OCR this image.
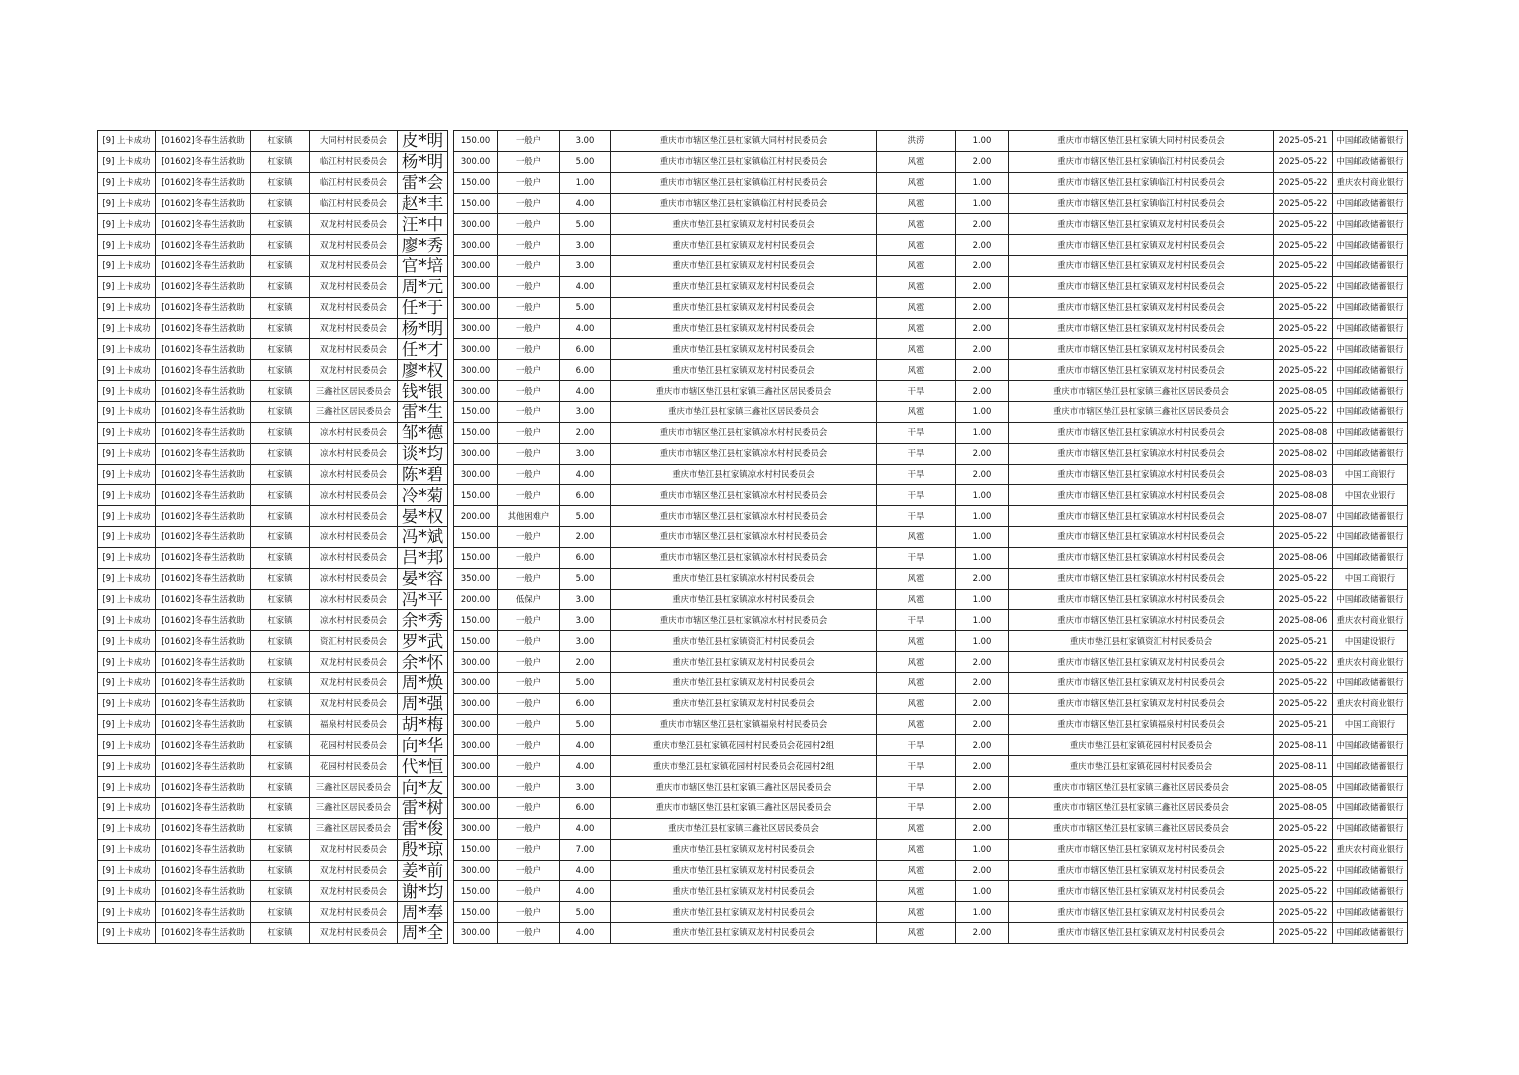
[9] 上卡成功	[01602]冬春生活救助	杠家镇	大同村村民委员会	皮*明		150.00	一般户	3.00	重庆市市辖区垫江县杠家镇大同村村民委员会	洪涝	1.00	重庆市市辖区垫江县杠家镇大同村村民委员会	2025-05-21	中国邮政储蓄银行
[9] 上卡成功	[01602]冬春生活救助	杠家镇	临江村村民委员会	杨*明		300.00	一般户	5.00	重庆市市辖区垫江县杠家镇临江村村民委员会	风雹	2.00	重庆市市辖区垫江县杠家镇临江村村民委员会	2025-05-22	中国邮政储蓄银行
[9] 上卡成功	[01602]冬春生活救助	杠家镇	临江村村民委员会	雷*会		150.00	一般户	1.00	重庆市市辖区垫江县杠家镇临江村村民委员会	风雹	1.00	重庆市市辖区垫江县杠家镇临江村村民委员会	2025-05-22	重庆农村商业银行
[9] 上卡成功	[01602]冬春生活救助	杠家镇	临江村村民委员会	赵*丰		150.00	一般户	4.00	重庆市市辖区垫江县杠家镇临江村村民委员会	风雹	1.00	重庆市市辖区垫江县杠家镇临江村村民委员会	2025-05-22	中国邮政储蓄银行
[9] 上卡成功	[01602]冬春生活救助	杠家镇	双龙村村民委员会	汪*中		300.00	一般户	5.00	重庆市垫江县杠家镇双龙村村民委员会	风雹	2.00	重庆市市辖区垫江县杠家镇双龙村村民委员会	2025-05-22	中国邮政储蓄银行
[9] 上卡成功	[01602]冬春生活救助	杠家镇	双龙村村民委员会	廖*秀		300.00	一般户	3.00	重庆市垫江县杠家镇双龙村村民委员会	风雹	2.00	重庆市市辖区垫江县杠家镇双龙村村民委员会	2025-05-22	中国邮政储蓄银行
[9] 上卡成功	[01602]冬春生活救助	杠家镇	双龙村村民委员会	官*培		300.00	一般户	3.00	重庆市垫江县杠家镇双龙村村民委员会	风雹	2.00	重庆市市辖区垫江县杠家镇双龙村村民委员会	2025-05-22	中国邮政储蓄银行
[9] 上卡成功	[01602]冬春生活救助	杠家镇	双龙村村民委员会	周*元		300.00	一般户	4.00	重庆市垫江县杠家镇双龙村村民委员会	风雹	2.00	重庆市市辖区垫江县杠家镇双龙村村民委员会	2025-05-22	中国邮政储蓄银行
[9] 上卡成功	[01602]冬春生活救助	杠家镇	双龙村村民委员会	任*于		300.00	一般户	5.00	重庆市垫江县杠家镇双龙村村民委员会	风雹	2.00	重庆市市辖区垫江县杠家镇双龙村村民委员会	2025-05-22	中国邮政储蓄银行
[9] 上卡成功	[01602]冬春生活救助	杠家镇	双龙村村民委员会	杨*明		300.00	一般户	4.00	重庆市垫江县杠家镇双龙村村民委员会	风雹	2.00	重庆市市辖区垫江县杠家镇双龙村村民委员会	2025-05-22	中国邮政储蓄银行
[9] 上卡成功	[01602]冬春生活救助	杠家镇	双龙村村民委员会	任*才		300.00	一般户	6.00	重庆市垫江县杠家镇双龙村村民委员会	风雹	2.00	重庆市市辖区垫江县杠家镇双龙村村民委员会	2025-05-22	中国邮政储蓄银行
[9] 上卡成功	[01602]冬春生活救助	杠家镇	双龙村村民委员会	廖*权		300.00	一般户	6.00	重庆市垫江县杠家镇双龙村村民委员会	风雹	2.00	重庆市市辖区垫江县杠家镇双龙村村民委员会	2025-05-22	中国邮政储蓄银行
[9] 上卡成功	[01602]冬春生活救助	杠家镇	三鑫社区居民委员会	钱*银		300.00	一般户	4.00	重庆市市辖区垫江县杠家镇三鑫社区居民委员会	干旱	2.00	重庆市市辖区垫江县杠家镇三鑫社区居民委员会	2025-08-05	中国邮政储蓄银行
[9] 上卡成功	[01602]冬春生活救助	杠家镇	三鑫社区居民委员会	雷*生		150.00	一般户	3.00	重庆市垫江县杠家镇三鑫社区居民委员会	风雹	1.00	重庆市市辖区垫江县杠家镇三鑫社区居民委员会	2025-05-22	中国邮政储蓄银行
[9] 上卡成功	[01602]冬春生活救助	杠家镇	凉水村村民委员会	邹*德		150.00	一般户	2.00	重庆市市辖区垫江县杠家镇凉水村村民委员会	干旱	1.00	重庆市市辖区垫江县杠家镇凉水村村民委员会	2025-08-08	中国邮政储蓄银行
[9] 上卡成功	[01602]冬春生活救助	杠家镇	凉水村村民委员会	谈*均		300.00	一般户	3.00	重庆市市辖区垫江县杠家镇凉水村村民委员会	干旱	2.00	重庆市市辖区垫江县杠家镇凉水村村民委员会	2025-08-02	中国邮政储蓄银行
[9] 上卡成功	[01602]冬春生活救助	杠家镇	凉水村村民委员会	陈*碧		300.00	一般户	4.00	重庆市垫江县杠家镇凉水村村民委员会	干旱	2.00	重庆市市辖区垫江县杠家镇凉水村村民委员会	2025-08-03	中国工商银行
[9] 上卡成功	[01602]冬春生活救助	杠家镇	凉水村村民委员会	冷*菊		150.00	一般户	6.00	重庆市市辖区垫江县杠家镇凉水村村民委员会	干旱	1.00	重庆市市辖区垫江县杠家镇凉水村村民委员会	2025-08-08	中国农业银行
[9] 上卡成功	[01602]冬春生活救助	杠家镇	凉水村村民委员会	晏*权		200.00	其他困难户	5.00	重庆市市辖区垫江县杠家镇凉水村村民委员会	干旱	1.00	重庆市市辖区垫江县杠家镇凉水村村民委员会	2025-08-07	中国邮政储蓄银行
[9] 上卡成功	[01602]冬春生活救助	杠家镇	凉水村村民委员会	冯*斌		150.00	一般户	2.00	重庆市市辖区垫江县杠家镇凉水村村民委员会	风雹	1.00	重庆市市辖区垫江县杠家镇凉水村村民委员会	2025-05-22	中国邮政储蓄银行
[9] 上卡成功	[01602]冬春生活救助	杠家镇	凉水村村民委员会	吕*邦		150.00	一般户	6.00	重庆市市辖区垫江县杠家镇凉水村村民委员会	干旱	1.00	重庆市市辖区垫江县杠家镇凉水村村民委员会	2025-08-06	中国邮政储蓄银行
[9] 上卡成功	[01602]冬春生活救助	杠家镇	凉水村村民委员会	晏*容		350.00	一般户	5.00	重庆市垫江县杠家镇凉水村村民委员会	风雹	2.00	重庆市市辖区垫江县杠家镇凉水村村民委员会	2025-05-22	中国工商银行
[9] 上卡成功	[01602]冬春生活救助	杠家镇	凉水村村民委员会	冯*平		200.00	低保户	3.00	重庆市垫江县杠家镇凉水村村民委员会	风雹	1.00	重庆市市辖区垫江县杠家镇凉水村村民委员会	2025-05-22	中国邮政储蓄银行
[9] 上卡成功	[01602]冬春生活救助	杠家镇	凉水村村民委员会	余*秀		150.00	一般户	3.00	重庆市市辖区垫江县杠家镇凉水村村民委员会	干旱	1.00	重庆市市辖区垫江县杠家镇凉水村村民委员会	2025-08-06	重庆农村商业银行
[9] 上卡成功	[01602]冬春生活救助	杠家镇	资汇村村民委员会	罗*武		150.00	一般户	3.00	重庆市垫江县杠家镇资汇村村民委员会	风雹	1.00	重庆市垫江县杠家镇资汇村村民委员会	2025-05-21	中国建设银行
[9] 上卡成功	[01602]冬春生活救助	杠家镇	双龙村村民委员会	余*怀		300.00	一般户	2.00	重庆市垫江县杠家镇双龙村村民委员会	风雹	2.00	重庆市市辖区垫江县杠家镇双龙村村民委员会	2025-05-22	重庆农村商业银行
[9] 上卡成功	[01602]冬春生活救助	杠家镇	双龙村村民委员会	周*焕		300.00	一般户	5.00	重庆市垫江县杠家镇双龙村村民委员会	风雹	2.00	重庆市市辖区垫江县杠家镇双龙村村民委员会	2025-05-22	中国邮政储蓄银行
[9] 上卡成功	[01602]冬春生活救助	杠家镇	双龙村村民委员会	周*强		300.00	一般户	6.00	重庆市垫江县杠家镇双龙村村民委员会	风雹	2.00	重庆市市辖区垫江县杠家镇双龙村村民委员会	2025-05-22	重庆农村商业银行
[9] 上卡成功	[01602]冬春生活救助	杠家镇	福泉村村民委员会	胡*梅		300.00	一般户	5.00	重庆市市辖区垫江县杠家镇福泉村村民委员会	风雹	2.00	重庆市市辖区垫江县杠家镇福泉村村民委员会	2025-05-21	中国工商银行
[9] 上卡成功	[01602]冬春生活救助	杠家镇	花园村村民委员会	向*华		300.00	一般户	4.00	重庆市垫江县杠家镇花园村村民委员会花园村2组	干旱	2.00	重庆市垫江县杠家镇花园村村民委员会	2025-08-11	中国邮政储蓄银行
[9] 上卡成功	[01602]冬春生活救助	杠家镇	花园村村民委员会	代*恒		300.00	一般户	4.00	重庆市垫江县杠家镇花园村村民委员会花园村2组	干旱	2.00	重庆市垫江县杠家镇花园村村民委员会	2025-08-11	中国邮政储蓄银行
[9] 上卡成功	[01602]冬春生活救助	杠家镇	三鑫社区居民委员会	向*友		300.00	一般户	3.00	重庆市市辖区垫江县杠家镇三鑫社区居民委员会	干旱	2.00	重庆市市辖区垫江县杠家镇三鑫社区居民委员会	2025-08-05	中国邮政储蓄银行
[9] 上卡成功	[01602]冬春生活救助	杠家镇	三鑫社区居民委员会	雷*树		300.00	一般户	6.00	重庆市市辖区垫江县杠家镇三鑫社区居民委员会	干旱	2.00	重庆市市辖区垫江县杠家镇三鑫社区居民委员会	2025-08-05	中国邮政储蓄银行
[9] 上卡成功	[01602]冬春生活救助	杠家镇	三鑫社区居民委员会	雷*俊		300.00	一般户	4.00	重庆市垫江县杠家镇三鑫社区居民委员会	风雹	2.00	重庆市市辖区垫江县杠家镇三鑫社区居民委员会	2025-05-22	中国邮政储蓄银行
[9] 上卡成功	[01602]冬春生活救助	杠家镇	双龙村村民委员会	殷*琼		150.00	一般户	7.00	重庆市垫江县杠家镇双龙村村民委员会	风雹	1.00	重庆市市辖区垫江县杠家镇双龙村村民委员会	2025-05-22	重庆农村商业银行
[9] 上卡成功	[01602]冬春生活救助	杠家镇	双龙村村民委员会	姜*前		300.00	一般户	4.00	重庆市垫江县杠家镇双龙村村民委员会	风雹	2.00	重庆市市辖区垫江县杠家镇双龙村村民委员会	2025-05-22	中国邮政储蓄银行
[9] 上卡成功	[01602]冬春生活救助	杠家镇	双龙村村民委员会	谢*均		150.00	一般户	4.00	重庆市垫江县杠家镇双龙村村民委员会	风雹	1.00	重庆市市辖区垫江县杠家镇双龙村村民委员会	2025-05-22	中国邮政储蓄银行
[9] 上卡成功	[01602]冬春生活救助	杠家镇	双龙村村民委员会	周*奉		150.00	一般户	5.00	重庆市垫江县杠家镇双龙村村民委员会	风雹	1.00	重庆市市辖区垫江县杠家镇双龙村村民委员会	2025-05-22	中国邮政储蓄银行
[9] 上卡成功	[01602]冬春生活救助	杠家镇	双龙村村民委员会	周*全		300.00	一般户	4.00	重庆市垫江县杠家镇双龙村村民委员会	风雹	2.00	重庆市市辖区垫江县杠家镇双龙村村民委员会	2025-05-22	中国邮政储蓄银行
